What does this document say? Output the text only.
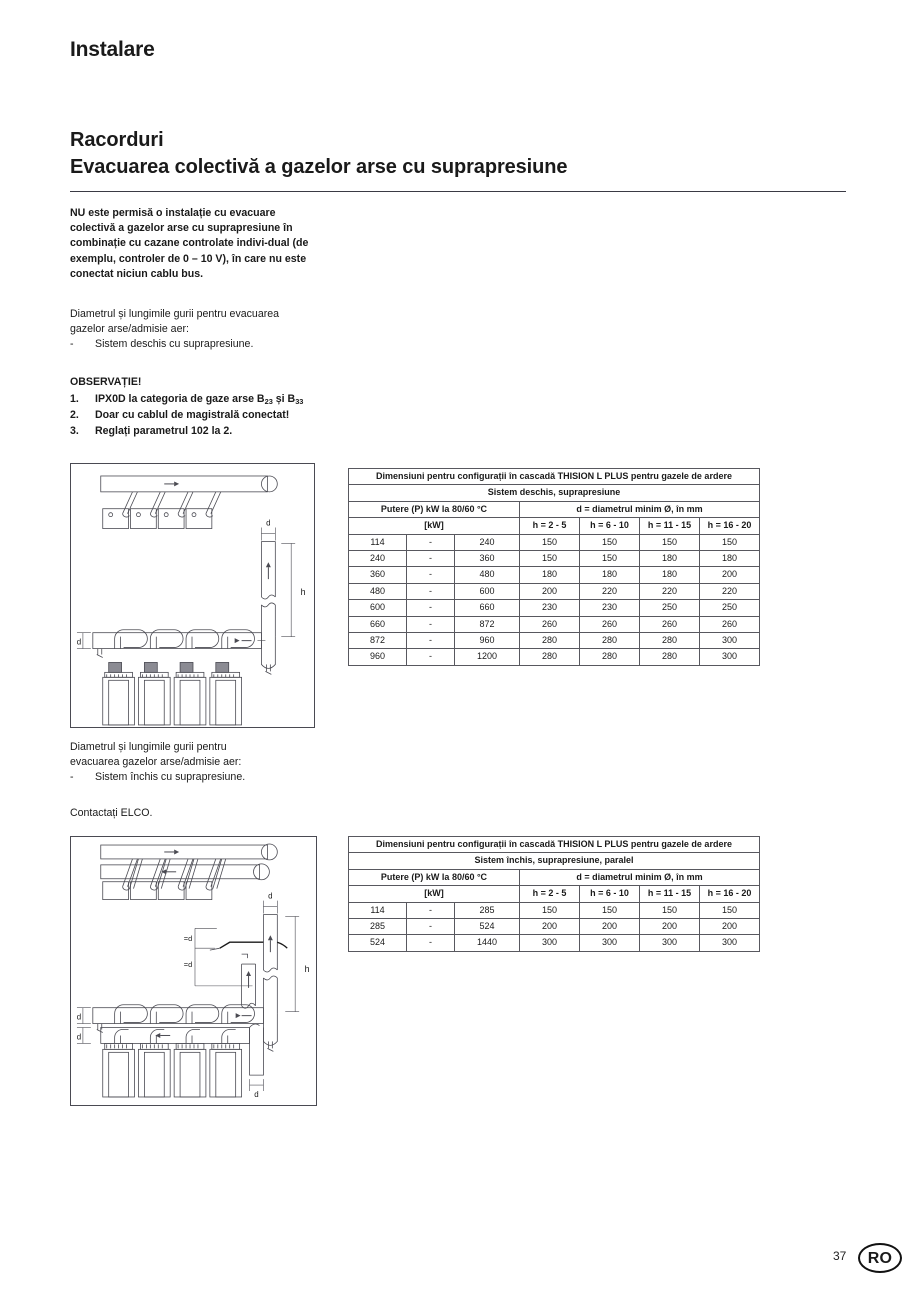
Instalare
Racorduri
Evacuarea colectivă a gazelor arse cu suprapresiune
NU este permisă o instalație cu evacuare
colectivă a gazelor arse cu suprapresiune în
combinație cu cazane controlate indivi-dual (de
exemplu, controler de 0 – 10 V), în care nu este
conectat niciun cablu bus.
Diametrul și lungimile gurii pentru evacuarea
gazelor arse/admisie aer:
- Sistem deschis cu suprapresiune.
OBSERVAȚIE!
1. IPX0D la categoria de gaze arse $B_{23}$ și $B_{33}$
2. Doar cu cablul de magistrală conectat!
3. Reglați parametrul 102 la 2.
Diametrul și lungimile gurii pentru
evacuarea gazelor arse/admisie aer:
- Sistem închis cu suprapresiune.
Contactați ELCO.
d
h
d
d
h
=d
=d
d
d
d
Dimensiuni pentru configurații în cascadă THISION L PLUS pentru gazele de ardere						
Sistem deschis, suprapresiune						
Putere (P) kW la 80/60 °C			d = diametrul minim Ø, în mm			
[kW]			h = 2 - 5	h = 6 - 10	h = 11 - 15	h = 16 - 20
114	-	240	150	150	150	150
240	-	360	150	150	180	180
360	-	480	180	180	180	200
480	-	600	200	220	220	220
600	-	660	230	230	250	250
660	-	872	260	260	260	260
872	-	960	280	280	280	300
960	-	1200	280	280	280	300
Dimensiuni pentru configurații în cascadă THISION L PLUS pentru gazele de ardere						
Sistem închis, suprapresiune, paralel						
Putere (P) kW la 80/60 °C			d = diametrul minim Ø, în mm			
[kW]			h = 2 - 5	h = 6 - 10	h = 11 - 15	h = 16 - 20
114	-	285	150	150	150	150
285	-	524	200	200	200	200
524	-	1440	300	300	300	300
37	RO
